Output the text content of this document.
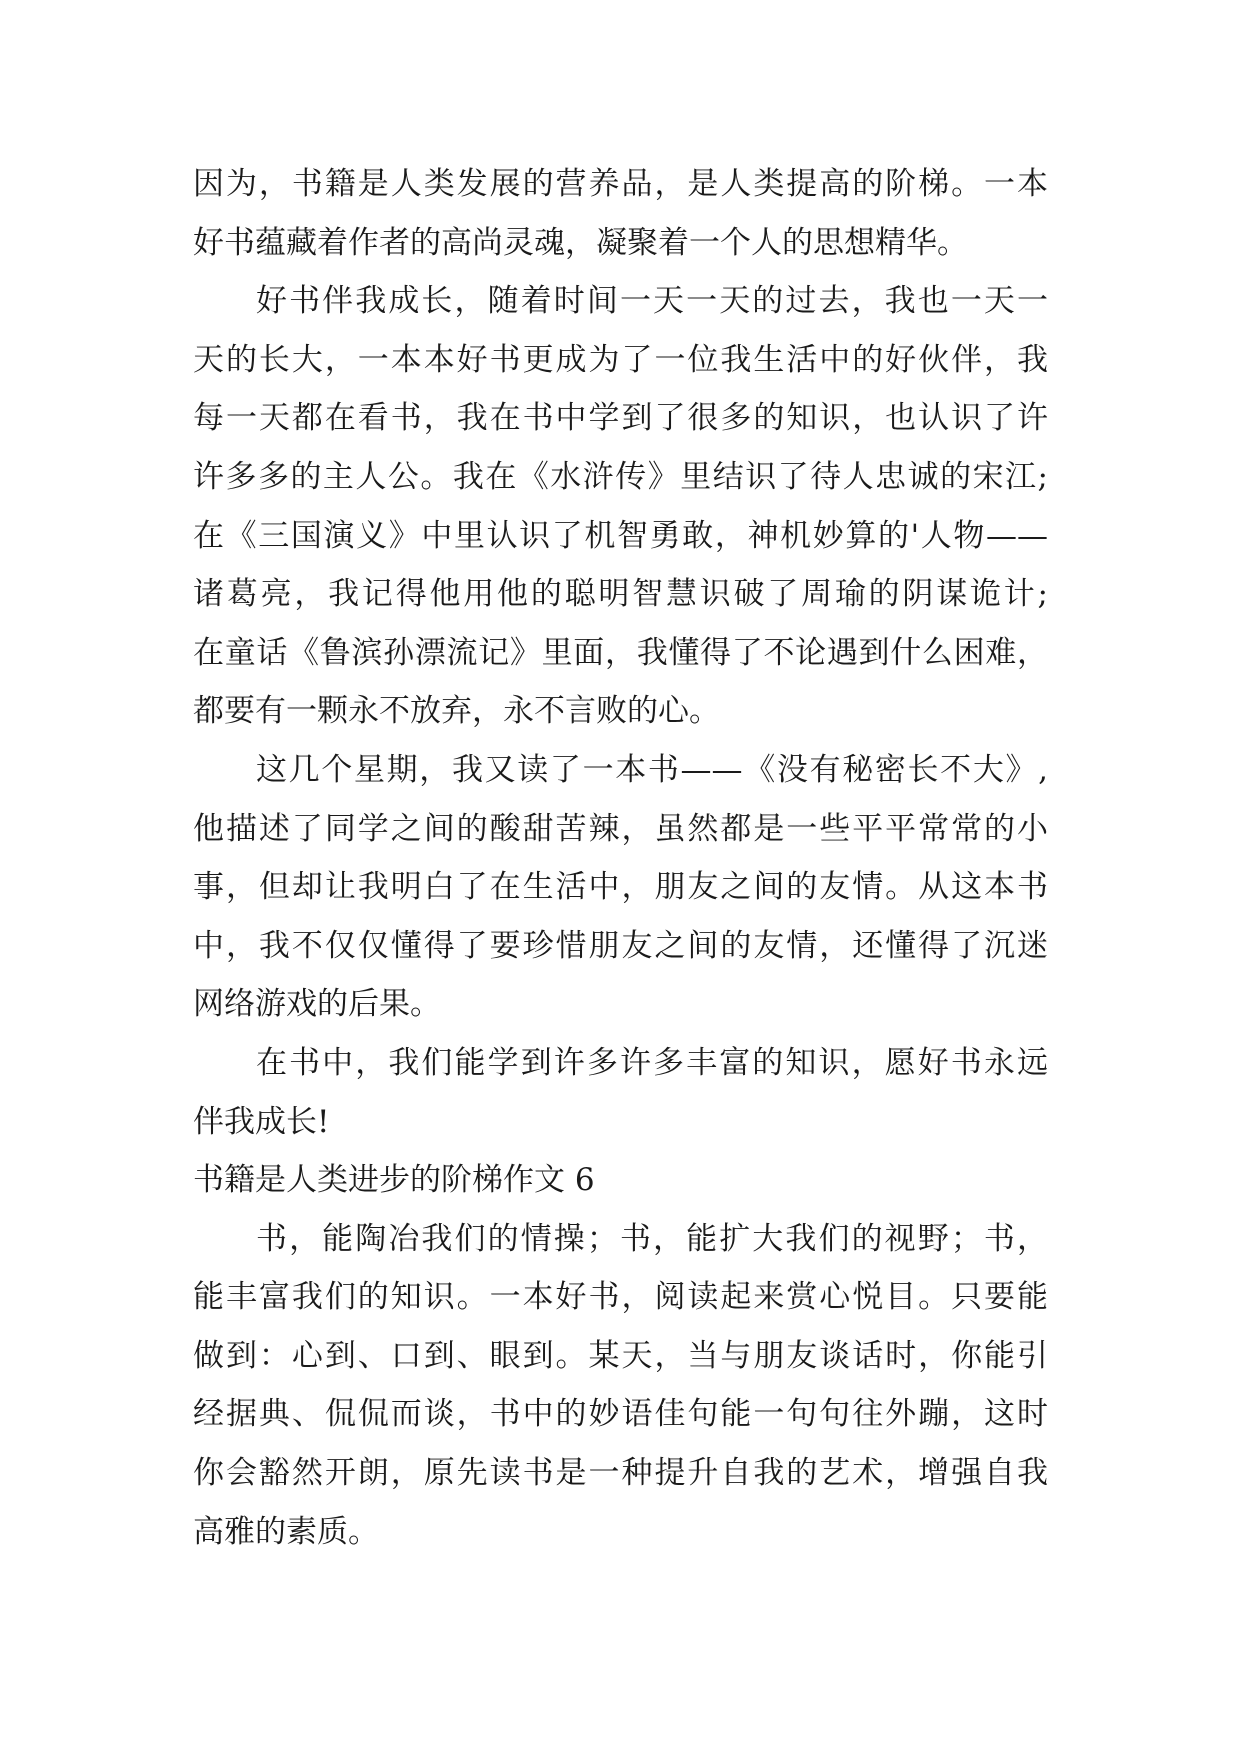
因为，书籍是人类发展的营养品，是人类提高的阶梯。一本
好书蕴藏着作者的高尚灵魂，凝聚着一个人的思想精华。
好书伴我成长，随着时间一天一天的过去，我也一天一
天的长大，一本本好书更成为了一位我生活中的好伙伴，我
每一天都在看书，我在书中学到了很多的知识，也认识了许
许多多的主人公。我在《水浒传》里结识了待人忠诚的宋江;
在《三国演义》中里认识了机智勇敢，神机妙算的'人物——
诸葛亮，我记得他用他的聪明智慧识破了周瑜的阴谋诡计;
在童话《鲁滨孙漂流记》里面，我懂得了不论遇到什么困难，
都要有一颗永不放弃，永不言败的心。
这几个星期，我又读了一本书——《没有秘密长不大》,
他描述了同学之间的酸甜苦辣，虽然都是一些平平常常的小
事，但却让我明白了在生活中，朋友之间的友情。从这本书
中，我不仅仅懂得了要珍惜朋友之间的友情，还懂得了沉迷
网络游戏的后果。
在书中，我们能学到许多许多丰富的知识，愿好书永远
伴我成长!
书籍是人类进步的阶梯作文 6
书，能陶冶我们的情操；书，能扩大我们的视野；书，
能丰富我们的知识。一本好书，阅读起来赏心悦目。只要能
做到：心到、口到、眼到。某天，当与朋友谈话时，你能引
经据典、侃侃而谈，书中的妙语佳句能一句句往外蹦，这时
你会豁然开朗，原先读书是一种提升自我的艺术，增强自我
高雅的素质。
